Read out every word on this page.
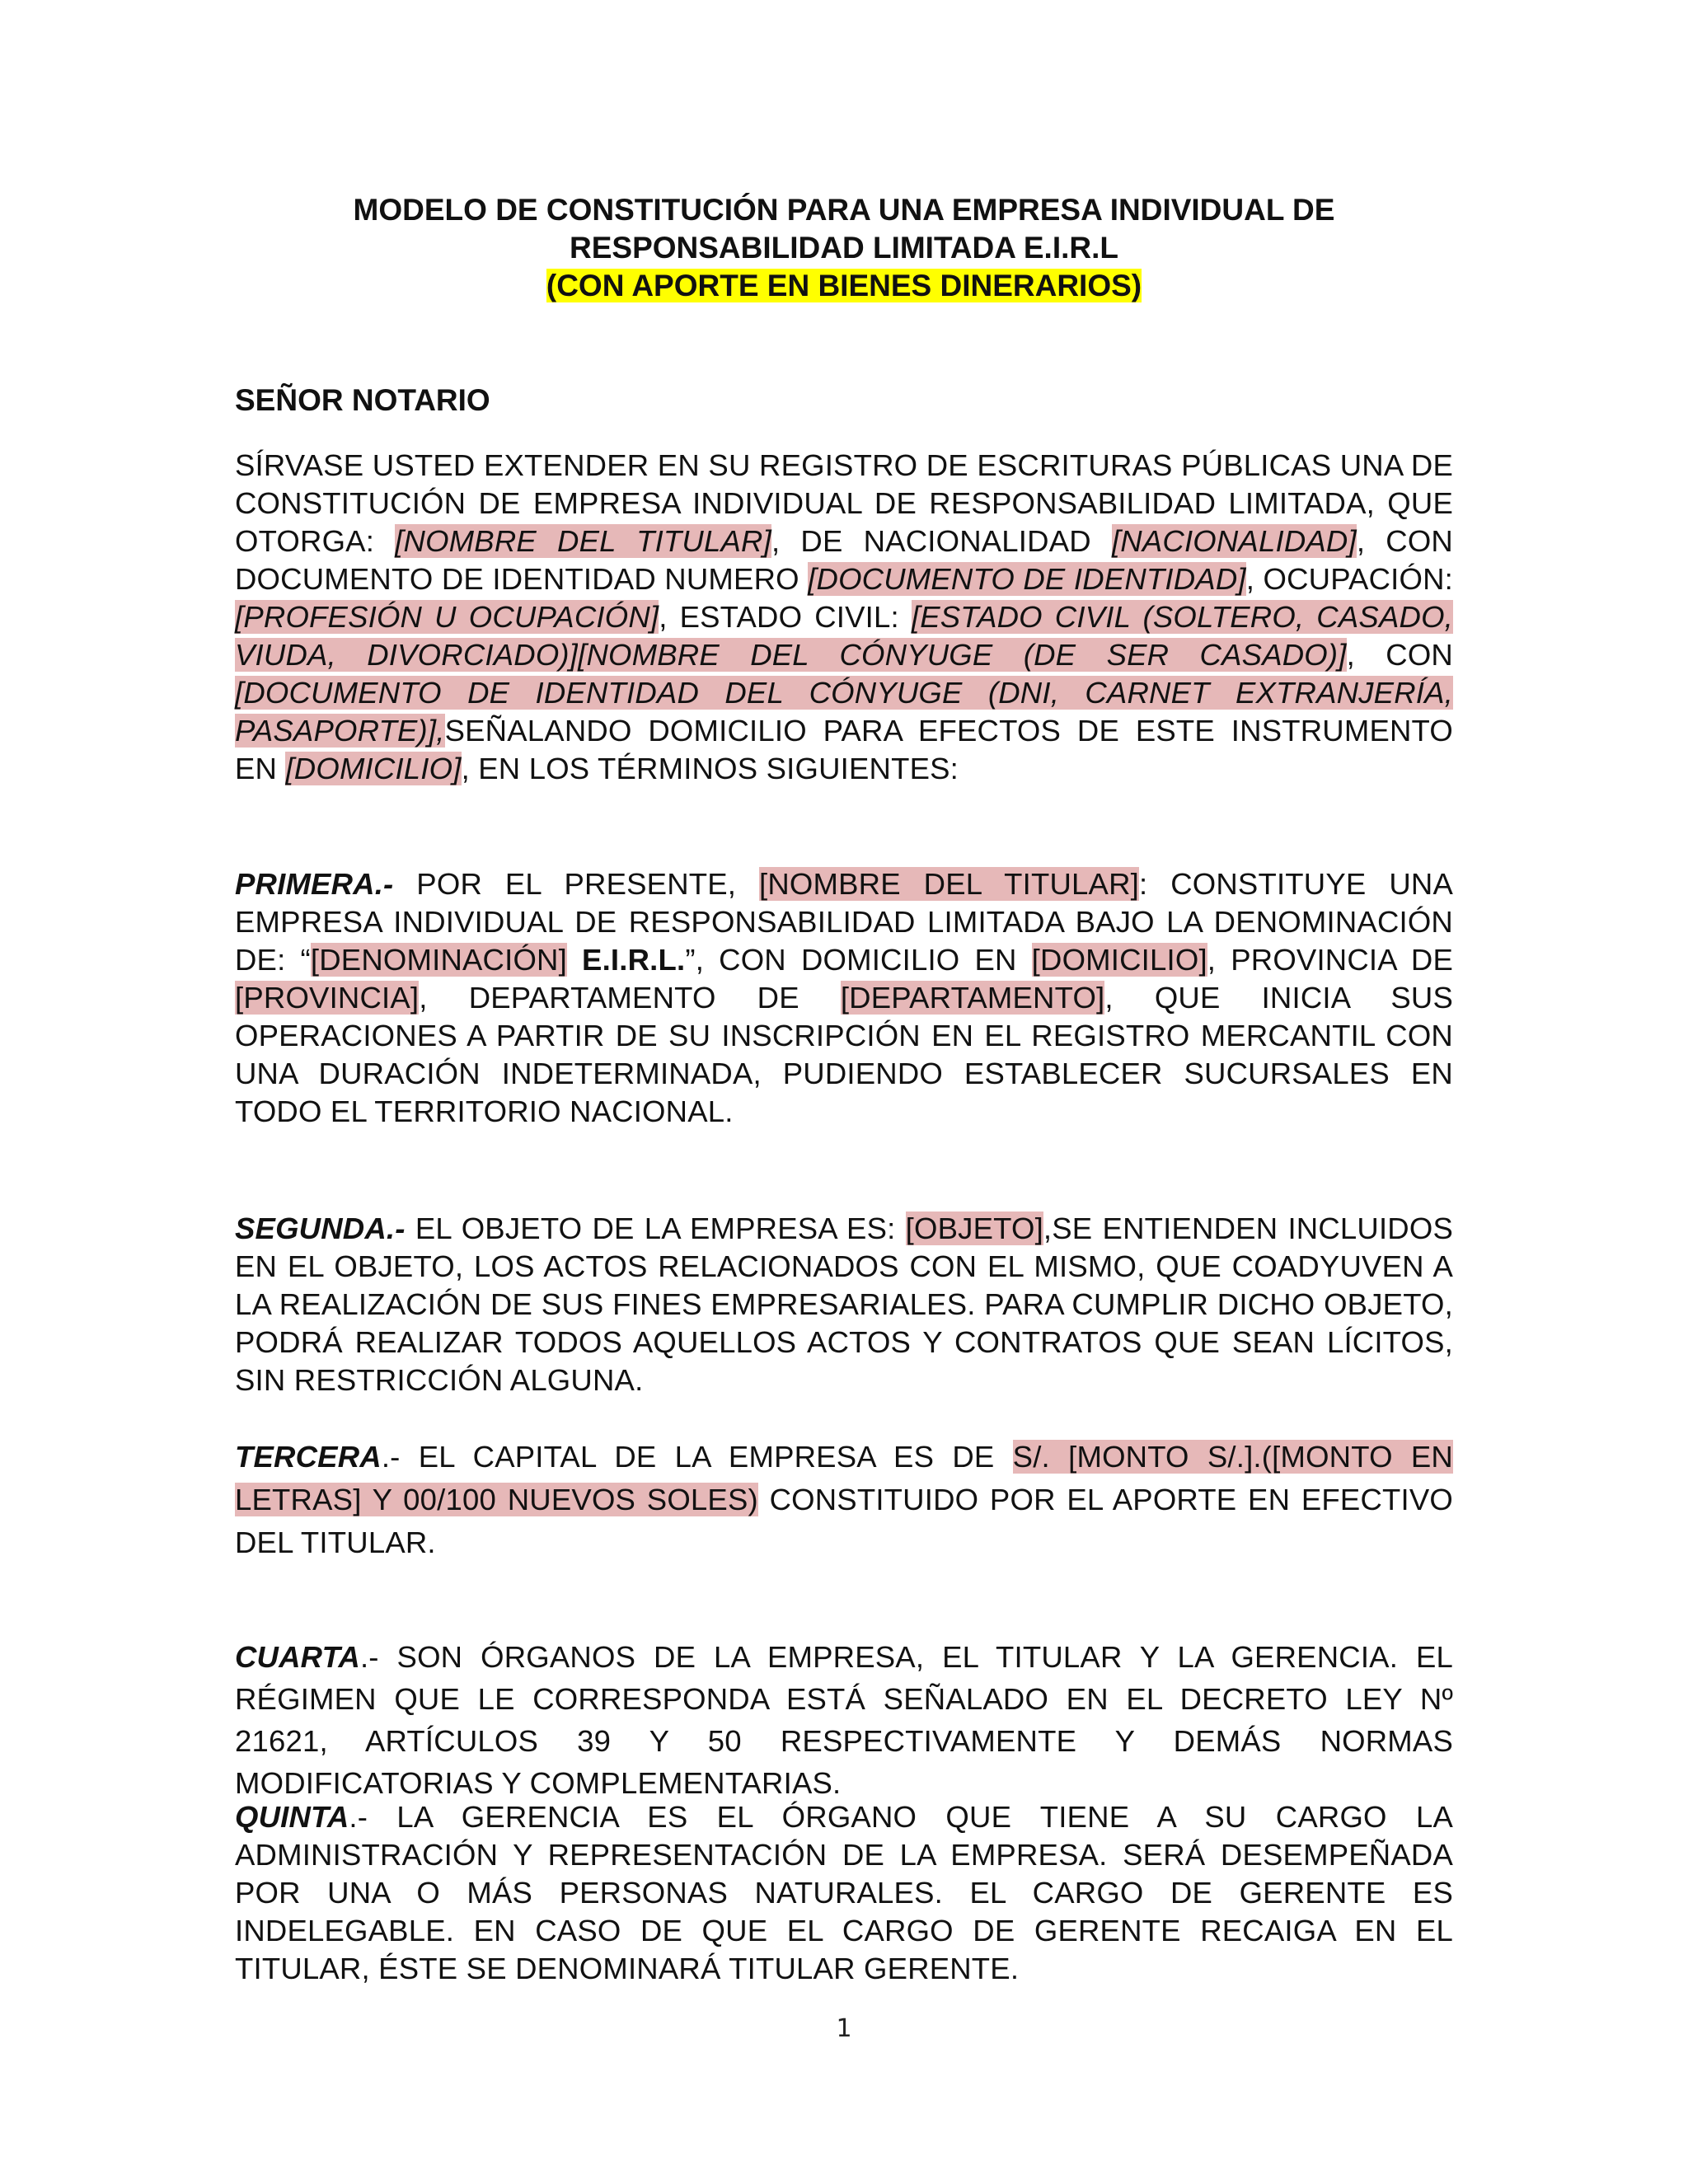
MODELO DE CONSTITUCIÓN PARA UNA EMPRESA INDIVIDUAL DE
RESPONSABILIDAD LIMITADA E.I.R.L
(CON APORTE EN BIENES DINERARIOS)
SEÑOR NOTARIO
SÍRVASE USTED EXTENDER EN SU REGISTRO DE ESCRITURAS PÚBLICAS UNA DE CONSTITUCIÓN DE EMPRESA INDIVIDUAL DE RESPONSABILIDAD LIMITADA, QUE OTORGA: [NOMBRE DEL TITULAR], DE NACIONALIDAD [NACIONALIDAD], CON DOCUMENTO DE IDENTIDAD NUMERO [DOCUMENTO DE IDENTIDAD], OCUPACIÓN: [PROFESIÓN U OCUPACIÓN], ESTADO CIVIL: [ESTADO CIVIL (SOLTERO, CASADO, VIUDA, DIVORCIADO)][NOMBRE DEL CÓNYUGE (DE SER CASADO)], CON [DOCUMENTO DE IDENTIDAD DEL CÓNYUGE (DNI, CARNET EXTRANJERÍA, PASAPORTE)],SEÑALANDO DOMICILIO PARA EFECTOS DE ESTE INSTRUMENTO EN [DOMICILIO], EN LOS TÉRMINOS SIGUIENTES:
PRIMERA.- POR EL PRESENTE, [NOMBRE DEL TITULAR]: CONSTITUYE UNA EMPRESA INDIVIDUAL DE RESPONSABILIDAD LIMITADA BAJO LA DENOMINACIÓN DE: “[DENOMINACIÓN] E.I.R.L.”, CON DOMICILIO EN [DOMICILIO], PROVINCIA DE [PROVINCIA], DEPARTAMENTO DE [DEPARTAMENTO], QUE INICIA SUS OPERACIONES A PARTIR DE SU INSCRIPCIÓN EN EL REGISTRO MERCANTIL CON UNA DURACIÓN INDETERMINADA, PUDIENDO ESTABLECER SUCURSALES EN TODO EL TERRITORIO NACIONAL.
SEGUNDA.- EL OBJETO DE LA EMPRESA ES: [OBJETO],SE ENTIENDEN INCLUIDOS EN EL OBJETO, LOS ACTOS RELACIONADOS CON EL MISMO, QUE COADYUVEN A LA REALIZACIÓN DE SUS FINES EMPRESARIALES. PARA CUMPLIR DICHO OBJETO, PODRÁ REALIZAR TODOS AQUELLOS ACTOS Y CONTRATOS QUE SEAN LÍCITOS, SIN RESTRICCIÓN ALGUNA.
TERCERA.- EL CAPITAL DE LA EMPRESA ES DE S/. [MONTO S/.].([MONTO EN LETRAS] Y 00/100 NUEVOS SOLES) CONSTITUIDO POR EL APORTE EN EFECTIVO DEL TITULAR.
CUARTA.- SON ÓRGANOS DE LA EMPRESA, EL TITULAR Y LA GERENCIA. EL RÉGIMEN QUE LE CORRESPONDA ESTÁ SEÑALADO EN EL DECRETO LEY Nº 21621, ARTÍCULOS 39 Y 50 RESPECTIVAMENTE Y DEMÁS NORMAS MODIFICATORIAS Y COMPLEMENTARIAS.
QUINTA.- LA GERENCIA ES EL ÓRGANO QUE TIENE A SU CARGO LA ADMINISTRACIÓN Y REPRESENTACIÓN DE LA EMPRESA. SERÁ DESEMPEÑADA POR UNA O MÁS PERSONAS NATURALES. EL CARGO DE GERENTE ES INDELEGABLE. EN CASO DE QUE EL CARGO DE GERENTE RECAIGA EN EL TITULAR, ÉSTE SE DENOMINARÁ TITULAR GERENTE.
1
